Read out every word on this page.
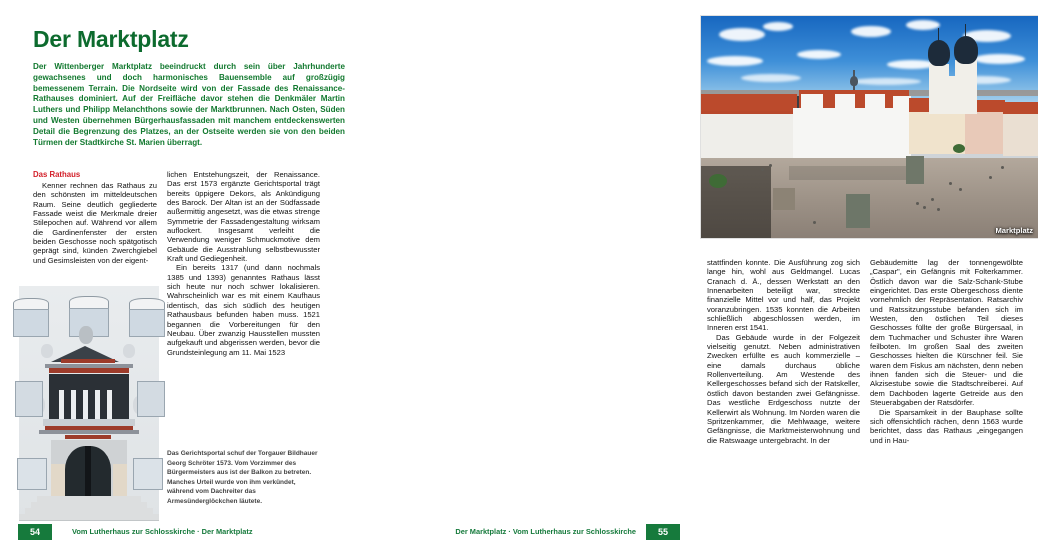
Der Marktplatz
Der Wittenberger Marktplatz beeindruckt durch sein über Jahrhunderte gewachsenes und doch harmonisches Bauensemble auf großzügig bemessenem Terrain. Die Nordseite wird von der Fassade des Renaissance-Rathauses dominiert. Auf der Freifläche davor stehen die Denkmäler Martin Luthers und Philipp Melanchthons sowie der Marktbrunnen. Nach Osten, Süden und Westen übernehmen Bürgerhausfassaden mit manchem entdeckenswerten Detail die Begrenzung des Platzes, an der Ostseite werden sie von den beiden Türmen der Stadtkirche St. Marien überragt.

Das Rathaus
Kenner rechnen das Rathaus zu den schönsten im mitteldeutschen Raum. Seine deutlich gegliederte Fassade weist die Merkmale dreier Stilepochen auf. Während vor allem die Gardinenfenster der ersten beiden Geschosse noch spätgotisch geprägt sind, künden Zwerchgiebel und Gesimsleisten von der eigent-

lichen Entstehungszeit, der Renaissance. Das erst 1573 ergänzte Gerichtsportal trägt bereits üppigere Dekors, als Ankündigung des Barock. Der Altan ist an der Südfassade außermittig angesetzt, was die etwas strenge Symmetrie der Fassadengestaltung wirksam auflockert. Insgesamt verleiht die Verwendung weniger Schmuckmotive dem Gebäude die Ausstrahlung selbstbewusster Kraft und Gediegenheit.

Ein bereits 1317 (und dann nochmals 1385 und 1393) genanntes Rathaus lässt sich heute nur noch schwer lokalisieren. Wahrscheinlich war es mit einem Kaufhaus identisch, das sich südlich des heutigen Rathausbaus befunden haben muss. 1521 begannen die Vorbereitungen für den Neubau. Über zwanzig Hausstellen mussten aufgekauft und abgerissen werden, bevor die Grundsteinlegung am 11. Mai 1523

Das Gerichtsportal schuf der Torgauer Bildhauer Georg Schröter 1573. Vom Vorzimmer des Bürgermeisters aus ist der Balkon zu betreten. Manches Urteil wurde von ihm verkündet, während vom Dachreiter das Armesünderglöckchen läutete.
54	Vom Lutherhaus zur Schlosskirche · Der Marktplatz
Marktplatz

stattfinden konnte. Die Ausführung zog sich lange hin, wohl aus Geldmangel. Lucas Cranach d. Ä., dessen Werkstatt an den Innenarbeiten beteiligt war, streckte finanzielle Mittel vor und half, das Projekt voranzubringen. 1535 konnten die Arbeiten schließlich abgeschlossen werden, im Inneren erst 1541.

Das Gebäude wurde in der Folgezeit vielseitig genutzt. Neben administrativen Zwecken erfüllte es auch kommerzielle – eine damals durchaus übliche Rollenverteilung. Am Westende des Kellergeschosses befand sich der Ratskeller, östlich davon bestanden zwei Gefängnisse. Das westliche Erdgeschoss nutzte der Kellerwirt als Wohnung. Im Norden waren die Spritzenkammer, die Mehlwaage, weitere Gefängnisse, die Marktmeisterwohnung und die Ratswaage untergebracht. In der

Gebäudemitte lag der tonnengewölbte „Caspar", ein Gefängnis mit Folterkammer. Östlich davon war die Salz-Schank-Stube eingerichtet. Das erste Obergeschoss diente vornehmlich der Repräsentation. Ratsarchiv und Ratssitzungsstube befanden sich im Westen, den östlichen Teil dieses Geschosses füllte der große Bürgersaal, in dem Tuchmacher und Schuster ihre Waren feilboten. Im großen Saal des zweiten Geschosses hielten die Kürschner feil. Sie waren dem Fiskus am nächsten, denn neben ihnen fanden sich die Steuer- und die Akzisestube sowie die Stadtschreiberei. Auf dem Dachboden lagerte Getreide aus den Steuerabgaben der Ratsdörfer.

Die Sparsamkeit in der Bauphase sollte sich offensichtlich rächen, denn 1563 wurde berichtet, dass das Rathaus „eingegangen und in Hau-

Der Marktplatz · Vom Lutherhaus zur Schlosskirche 55
